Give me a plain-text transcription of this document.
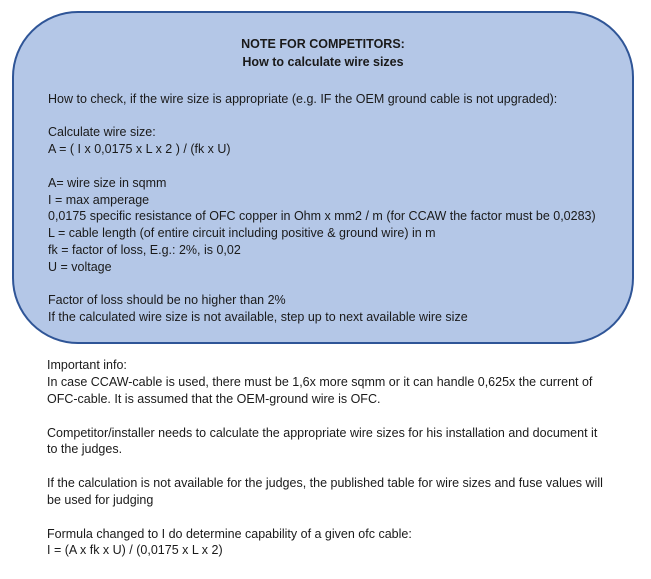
NOTE FOR COMPETITORS:
How to calculate wire sizes
How to check, if the wire size is appropriate (e.g. IF the OEM ground cable is not upgraded):
Calculate wire size:
A = ( I x 0,0175 x L x 2 ) / (fk x U)
A= wire size in sqmm
I = max amperage
0,0175 specific resistance of OFC copper in Ohm x mm2 / m (for CCAW the factor must be 0,0283)
L = cable length (of entire circuit including positive & ground wire) in m
fk = factor of loss, E.g.: 2%, is 0,02
U = voltage
Factor of loss should be no higher than 2%
If the calculated wire size is not available, step up to next available wire size
Important info:
In case CCAW-cable is used, there must be 1,6x more sqmm or it can handle 0,625x the current of
OFC-cable. It is assumed that the OEM-ground wire is OFC.
Competitor/installer needs to calculate the appropriate wire sizes for his installation and document it
to the judges.
If the calculation is not available for the judges, the published table for wire sizes and fuse values will
be used for judging
Formula changed to I do determine capability of a given ofc cable:
I = (A x fk x U) / (0,0175 x L x 2)
